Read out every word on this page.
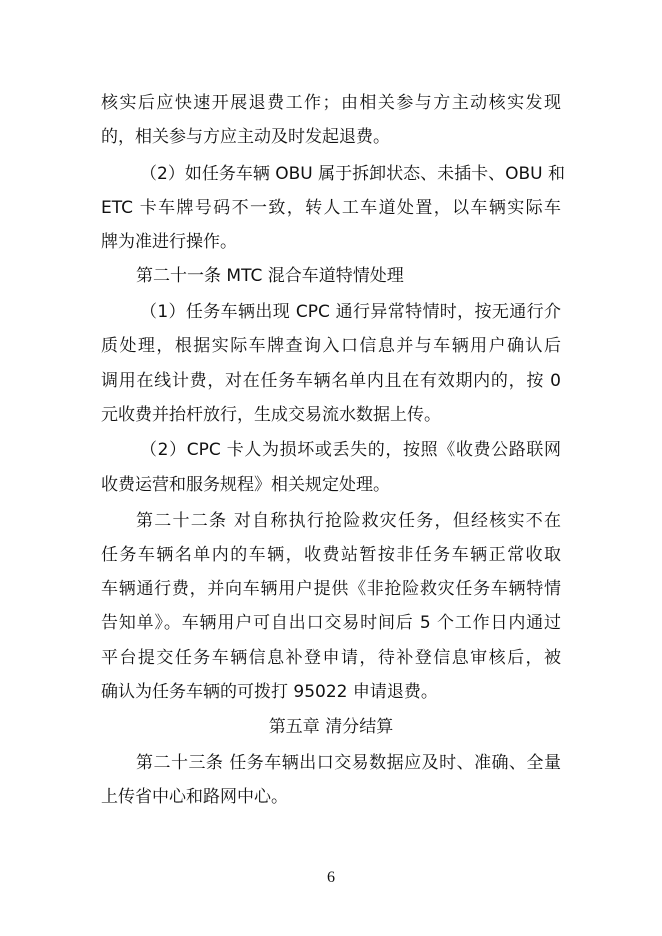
核实后应快速开展退费工作；由相关参与方主动核实发现
的，相关参与方应主动及时发起退费。
（2）如任务车辆 OBU 属于拆卸状态、未插卡、OBU 和
ETC 卡车牌号码不一致，转人工车道处置，以车辆实际车
牌为准进行操作。
第二十一条 MTC 混合车道特情处理
（1）任务车辆出现 CPC 通行异常特情时，按无通行介
质处理，根据实际车牌查询入口信息并与车辆用户确认后
调用在线计费，对在任务车辆名单内且在有效期内的，按 0
元收费并抬杆放行，生成交易流水数据上传。
（2）CPC 卡人为损坏或丢失的，按照《收费公路联网
收费运营和服务规程》相关规定处理。
第二十二条 对自称执行抢险救灾任务，但经核实不在
任务车辆名单内的车辆，收费站暂按非任务车辆正常收取
车辆通行费，并向车辆用户提供《非抢险救灾任务车辆特情
告知单》。车辆用户可自出口交易时间后 5 个工作日内通过
平台提交任务车辆信息补登申请，待补登信息审核后，被
确认为任务车辆的可拨打 95022 申请退费。
第五章 清分结算
第二十三条 任务车辆出口交易数据应及时、准确、全量
上传省中心和路网中心。
6
